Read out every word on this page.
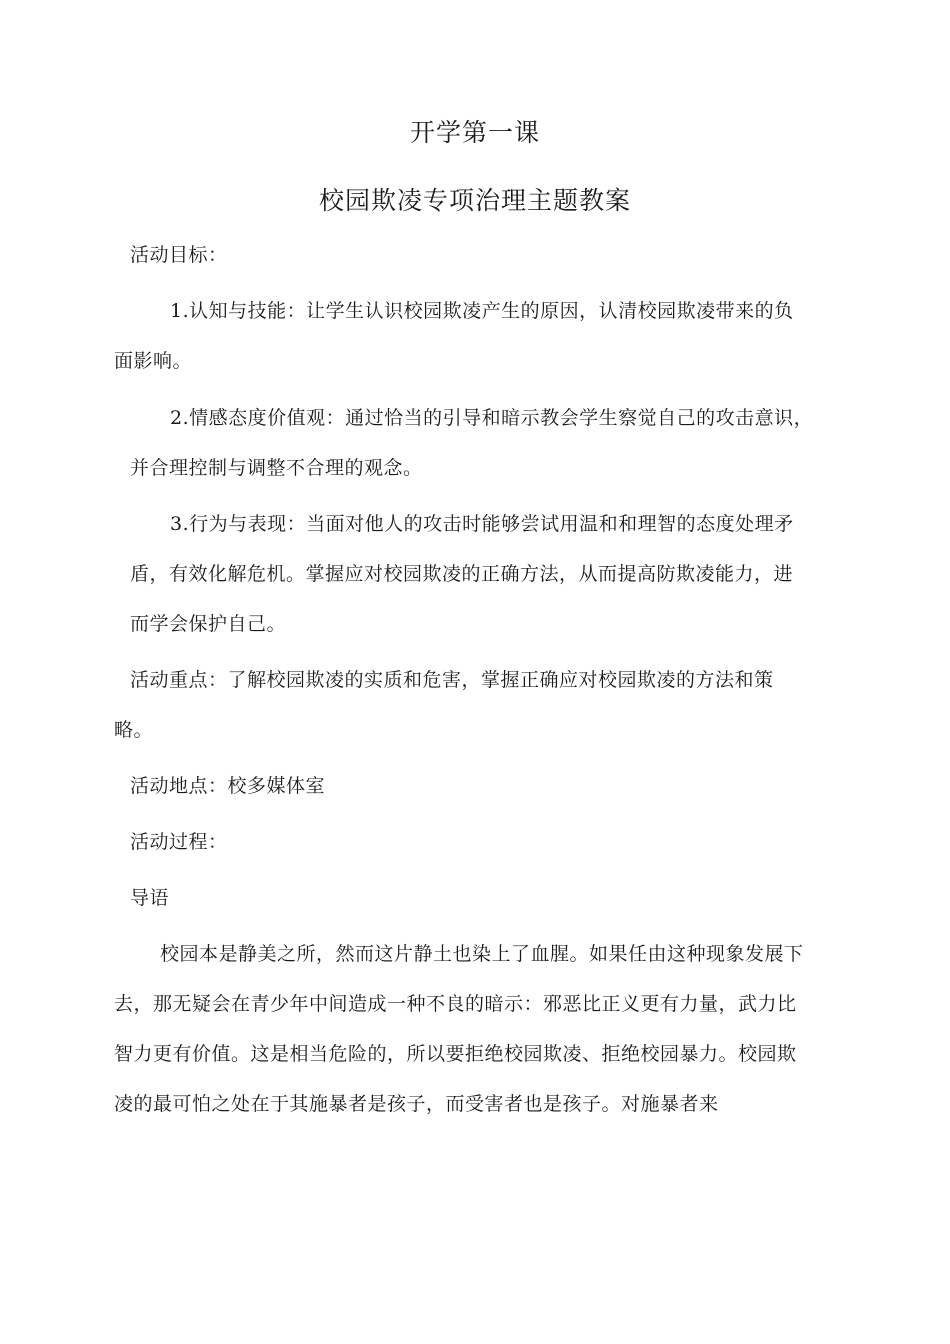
开学第一课
校园欺凌专项治理主题教案
活动目标：
1.认知与技能：让学生认识校园欺凌产生的原因，认清校园欺凌带来的负
面影响。
2.情感态度价值观：通过恰当的引导和暗示教会学生察觉自己的攻击意识，
并合理控制与调整不合理的观念。
3.行为与表现：当面对他人的攻击时能够尝试用温和和理智的态度处理矛
盾，有效化解危机。掌握应对校园欺凌的正确方法，从而提高防欺凌能力，进
而学会保护自己。
活动重点：了解校园欺凌的实质和危害，掌握正确应对校园欺凌的方法和策
略。
活动地点：校多媒体室
活动过程：
导语
校园本是静美之所，然而这片静土也染上了血腥。如果任由这种现象发展下
去，那无疑会在青少年中间造成一种不良的暗示：邪恶比正义更有力量，武力比
智力更有价值。这是相当危险的，所以要拒绝校园欺凌、拒绝校园暴力。校园欺
凌的最可怕之处在于其施暴者是孩子，而受害者也是孩子。对施暴者来
